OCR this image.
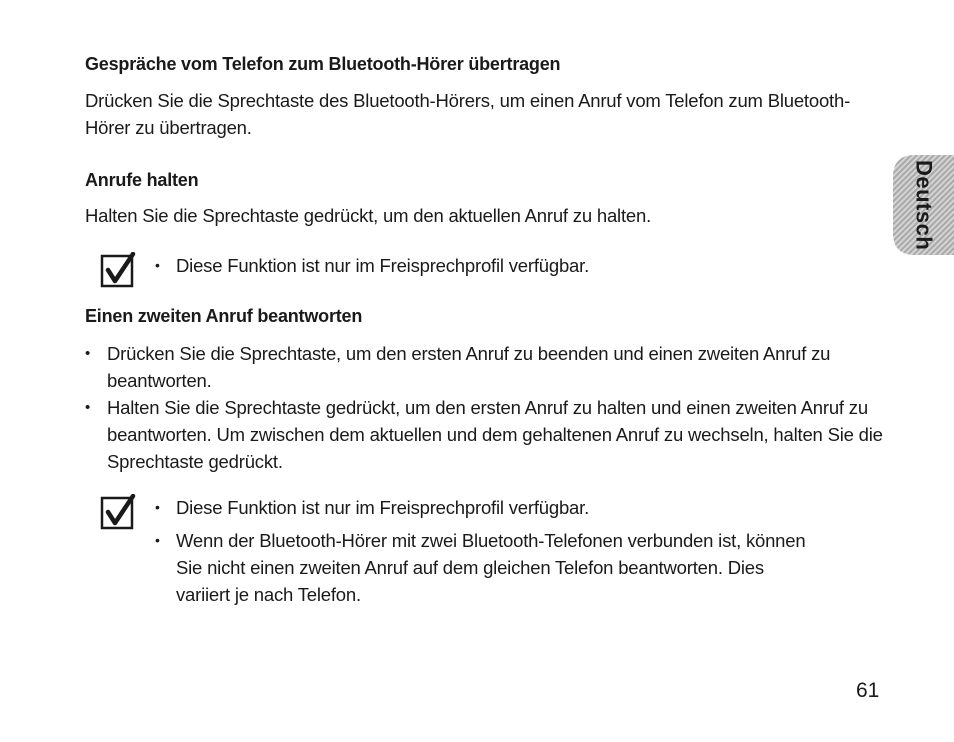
Gespräche vom Telefon zum Bluetooth-Hörer übertragen

Drücken Sie die Sprechtaste des Bluetooth-Hörers, um einen Anruf vom Telefon zum Bluetooth-Hörer zu übertragen.

Anrufe halten

Halten Sie die Sprechtaste gedrückt, um den aktuellen Anruf zu halten.

• Diese Funktion ist nur im Freisprechprofil verfügbar.
Einen zweiten Anruf beantworten
• Drücken Sie die Sprechtaste, um den ersten Anruf zu beenden und einen zweiten Anruf zu beantworten.
• Halten Sie die Sprechtaste gedrückt, um den ersten Anruf zu halten und einen zweiten Anruf zu beantworten. Um zwischen dem aktuellen und dem gehaltenen Anruf zu wechseln, halten Sie die Sprechtaste gedrückt.
• Diese Funktion ist nur im Freisprechprofil verfügbar.
• Wenn der Bluetooth-Hörer mit zwei Bluetooth-Telefonen verbunden ist, können Sie nicht einen zweiten Anruf auf dem gleichen Telefon beantworten. Dies variiert je nach Telefon.
Deutsch
61
